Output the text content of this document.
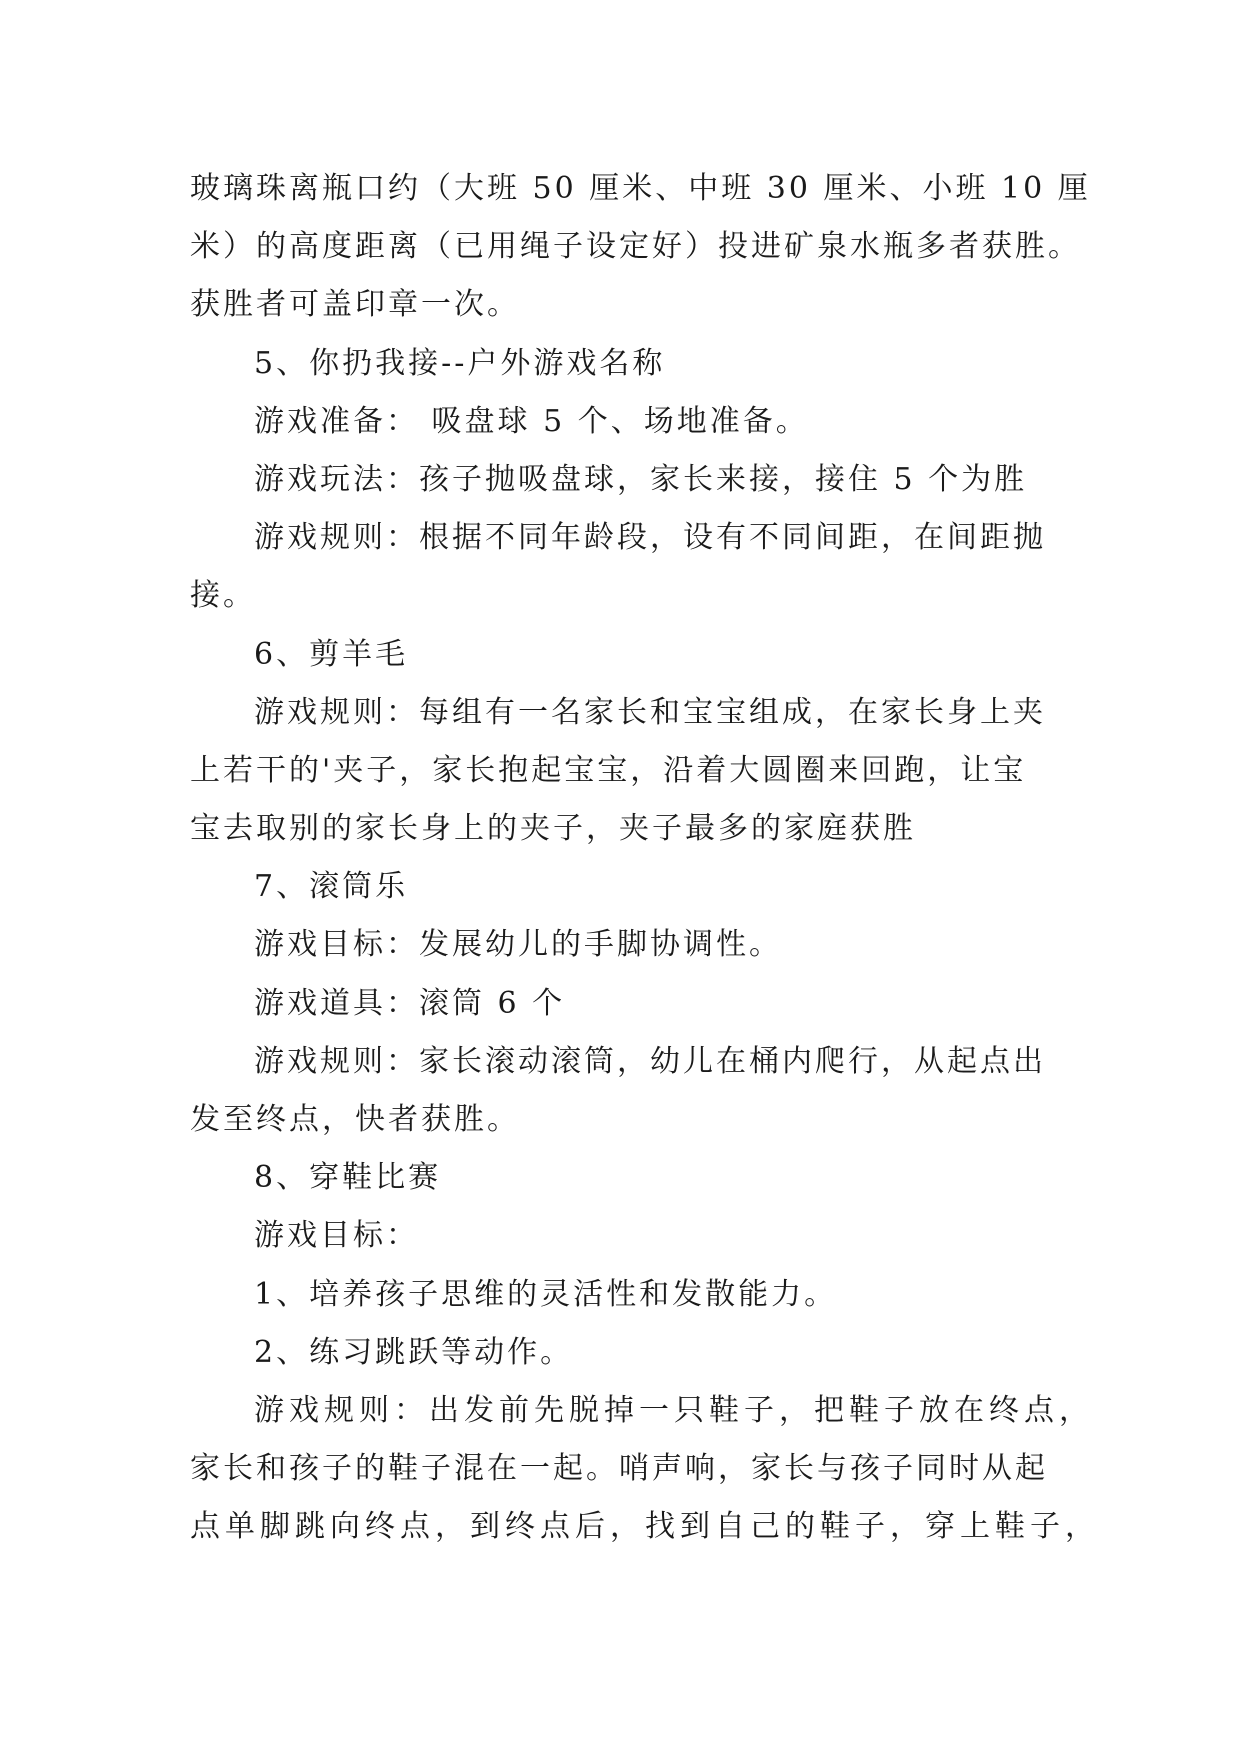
玻璃珠离瓶口约（大班 50 厘米、中班 30 厘米、小班 10 厘
米）的高度距离（已用绳子设定好）投进矿泉水瓶多者获胜。
获胜者可盖印章一次。
5、你扔我接--户外游戏名称
游戏准备： 吸盘球 5 个、场地准备。
游戏玩法：孩子抛吸盘球，家长来接，接住 5 个为胜
游戏规则：根据不同年龄段，设有不同间距，在间距抛
接。
6、剪羊毛
游戏规则：每组有一名家长和宝宝组成，在家长身上夹
上若干的'夹子，家长抱起宝宝，沿着大圆圈来回跑，让宝
宝去取别的家长身上的夹子，夹子最多的家庭获胜
7、滚筒乐
游戏目标：发展幼儿的手脚协调性。
游戏道具：滚筒 6 个
游戏规则：家长滚动滚筒，幼儿在桶内爬行，从起点出
发至终点，快者获胜。
8、穿鞋比赛
游戏目标：
1、培养孩子思维的灵活性和发散能力。
2、练习跳跃等动作。
游戏规则：出发前先脱掉一只鞋子，把鞋子放在终点，
家长和孩子的鞋子混在一起。哨声响，家长与孩子同时从起
点单脚跳向终点，到终点后，找到自己的鞋子，穿上鞋子，
